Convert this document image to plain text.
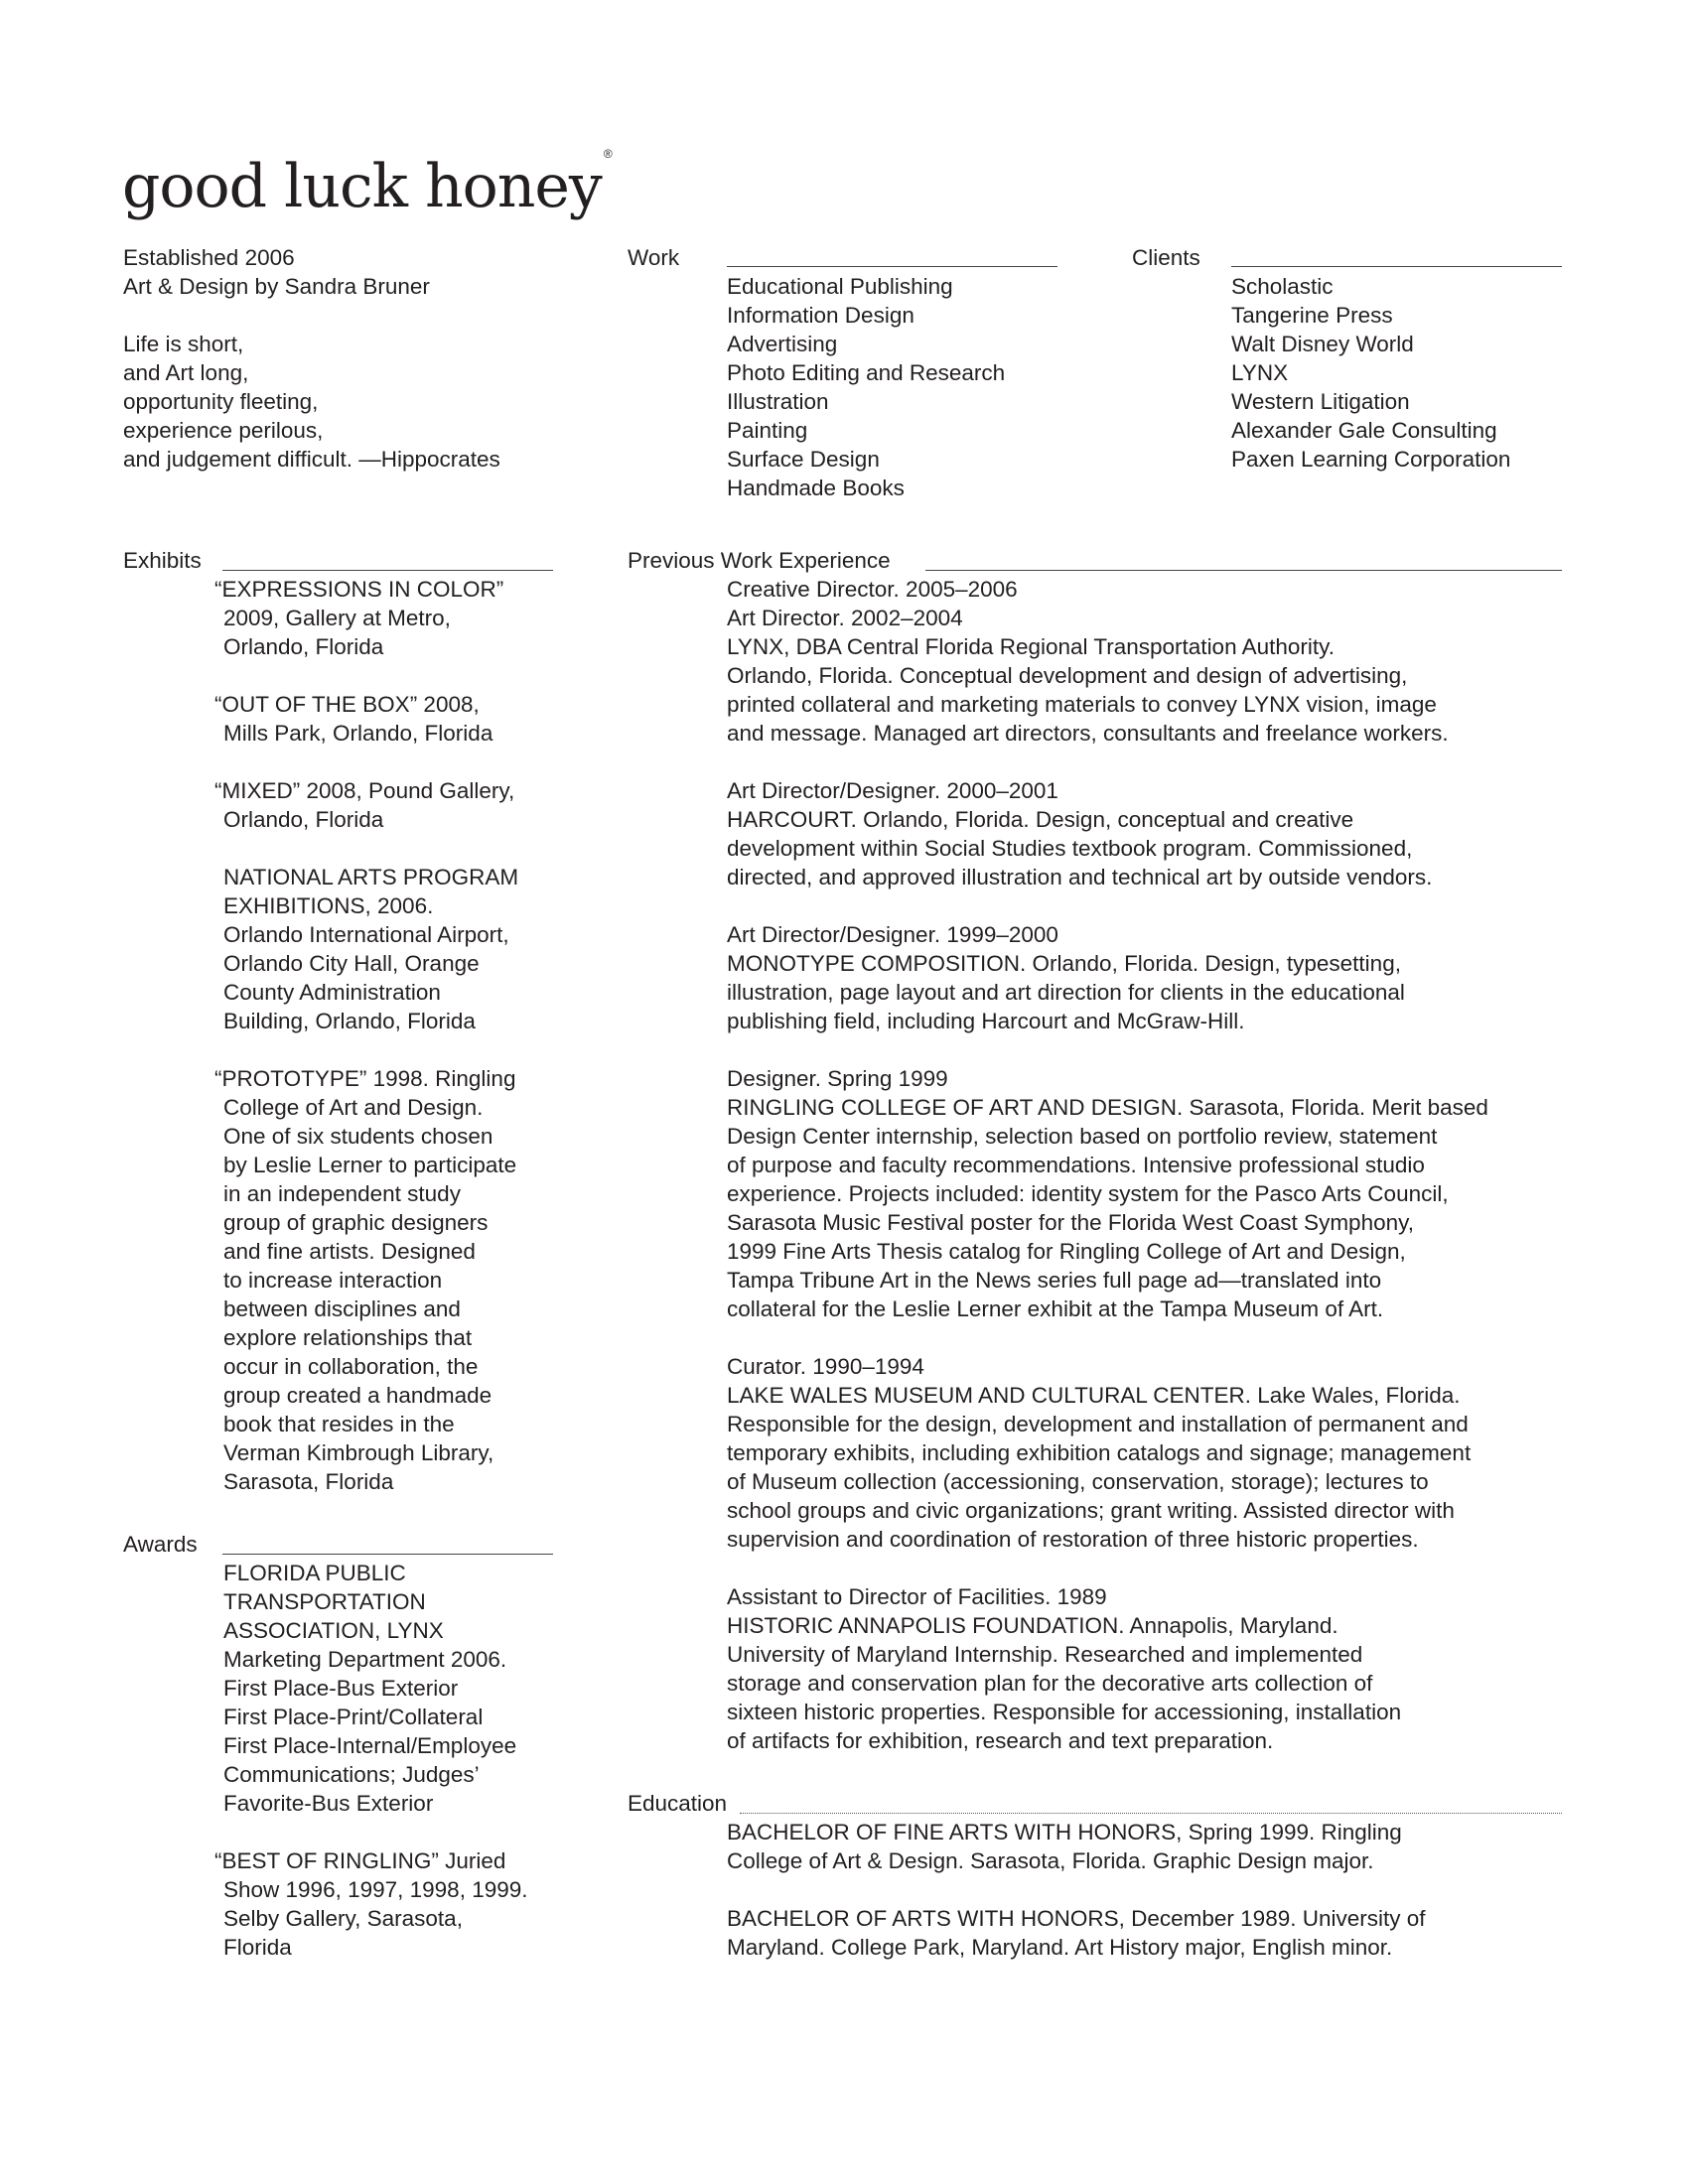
good luck honey ®

Established 2006

Art & Design by Sandra Bruner

Life is short,

and Art long,

opportunity fleeting,

experience perilous,

and judgement difficult. —Hippocrates

Work

Educational Publishing

Information Design

Advertising

Photo Editing and Research

Illustration

Painting

Surface Design

Handmade Books

Clients

Scholastic

Tangerine Press

Walt Disney World

LYNX

Western Litigation

Alexander Gale Consulting

Paxen Learning Corporation

Exhibits

“EXPRESSIONS IN COLOR”

2009, Gallery at Metro,

Orlando, Florida

“OUT OF THE BOX” 2008,

Mills Park, Orlando, Florida

“MIXED” 2008, Pound Gallery,

Orlando, Florida

NATIONAL ARTS PROGRAM

EXHIBITIONS, 2006.

Orlando International Airport,

Orlando City Hall, Orange

County Administration

Building, Orlando, Florida

“PROTOTYPE” 1998. Ringling

College of Art and Design.

One of six students chosen

by Leslie Lerner to participate

in an independent study

group of graphic designers

and fine artists. Designed

to increase interaction

between disciplines and

explore relationships that

occur in collaboration, the

group created a handmade

book that resides in the

Verman Kimbrough Library,

Sarasota, Florida

Awards

FLORIDA PUBLIC

TRANSPORTATION

ASSOCIATION, LYNX

Marketing Department 2006.

First Place-Bus Exterior

First Place-Print/Collateral

First Place-Internal/Employee

Communications; Judges’

Favorite-Bus Exterior

“BEST OF RINGLING” Juried

Show 1996, 1997, 1998, 1999.

Selby Gallery, Sarasota,

Florida

Previous Work Experience

Creative Director. 2005–2006

Art Director. 2002–2004

LYNX, DBA Central Florida Regional Transportation Authority.

Orlando, Florida. Conceptual development and design of advertising,

printed collateral and marketing materials to convey LYNX vision, image

and message. Managed art directors, consultants and freelance workers.

Art Director/Designer. 2000–2001

HARCOURT. Orlando, Florida. Design, conceptual and creative

development within Social Studies textbook program. Commissioned,

directed, and approved illustration and technical art by outside vendors.

Art Director/Designer. 1999–2000

MONOTYPE COMPOSITION. Orlando, Florida. Design, typesetting,

illustration, page layout and art direction for clients in the educational

publishing field, including Harcourt and McGraw-Hill.

Designer. Spring 1999

RINGLING COLLEGE OF ART AND DESIGN. Sarasota, Florida. Merit based

Design Center internship, selection based on portfolio review, statement

of purpose and faculty recommendations. Intensive professional studio

experience. Projects included: identity system for the Pasco Arts Council,

Sarasota Music Festival poster for the Florida West Coast Symphony,

1999 Fine Arts Thesis catalog for Ringling College of Art and Design,

Tampa Tribune Art in the News series full page ad—translated into

collateral for the Leslie Lerner exhibit at the Tampa Museum of Art.

Curator. 1990–1994

LAKE WALES MUSEUM AND CULTURAL CENTER. Lake Wales, Florida.

Responsible for the design, development and installation of permanent and

temporary exhibits, including exhibition catalogs and signage; management

of Museum collection (accessioning, conservation, storage); lectures to

school groups and civic organizations; grant writing. Assisted director with

supervision and coordination of restoration of three historic properties.

Assistant to Director of Facilities. 1989

HISTORIC ANNAPOLIS FOUNDATION. Annapolis, Maryland.

University of Maryland Internship. Researched and implemented

storage and conservation plan for the decorative arts collection of

sixteen historic properties. Responsible for accessioning, installation

of artifacts for exhibition, research and text preparation.

Education

BACHELOR OF FINE ARTS WITH HONORS, Spring 1999. Ringling

College of Art & Design. Sarasota, Florida. Graphic Design major.

BACHELOR OF ARTS WITH HONORS, December 1989. University of

Maryland. College Park, Maryland. Art History major, English minor.
